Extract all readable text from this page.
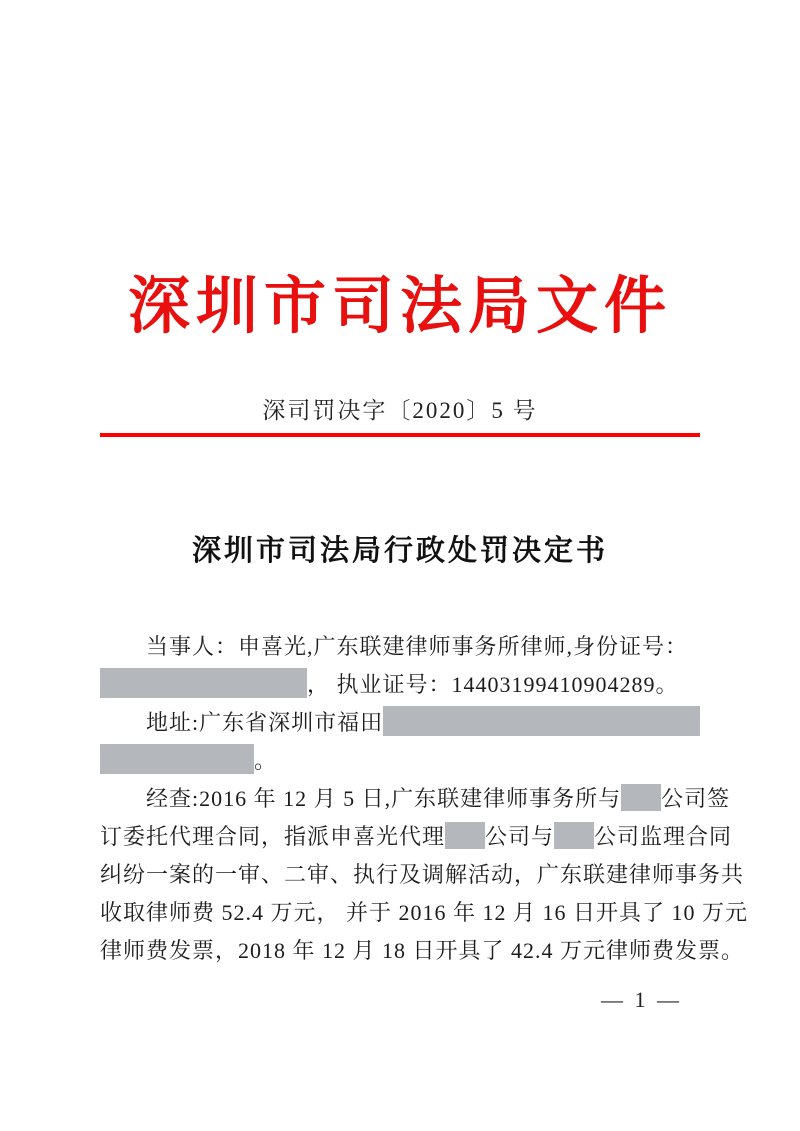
深圳市司法局文件
深司罚决字〔2020〕5 号
深圳市司法局行政处罚决定书
当事人：申喜光,广东联建律师事务所律师,身份证号：
， 执业证号：14403199410904289。
地址:广东省深圳市福田
。
经查:2016 年 12 月 5 日,广东联建律师事务所与 公司签
订委托代理合同，指派申喜光代理 公司与 公司监理合同
纠纷一案的一审、二审、执行及调解活动，广东联建律师事务共
收取律师费 52.4 万元， 并于 2016 年 12 月 16 日开具了 10 万元
律师费发票，2018 年 12 月 18 日开具了 42.4 万元律师费发票。
— 1 —
